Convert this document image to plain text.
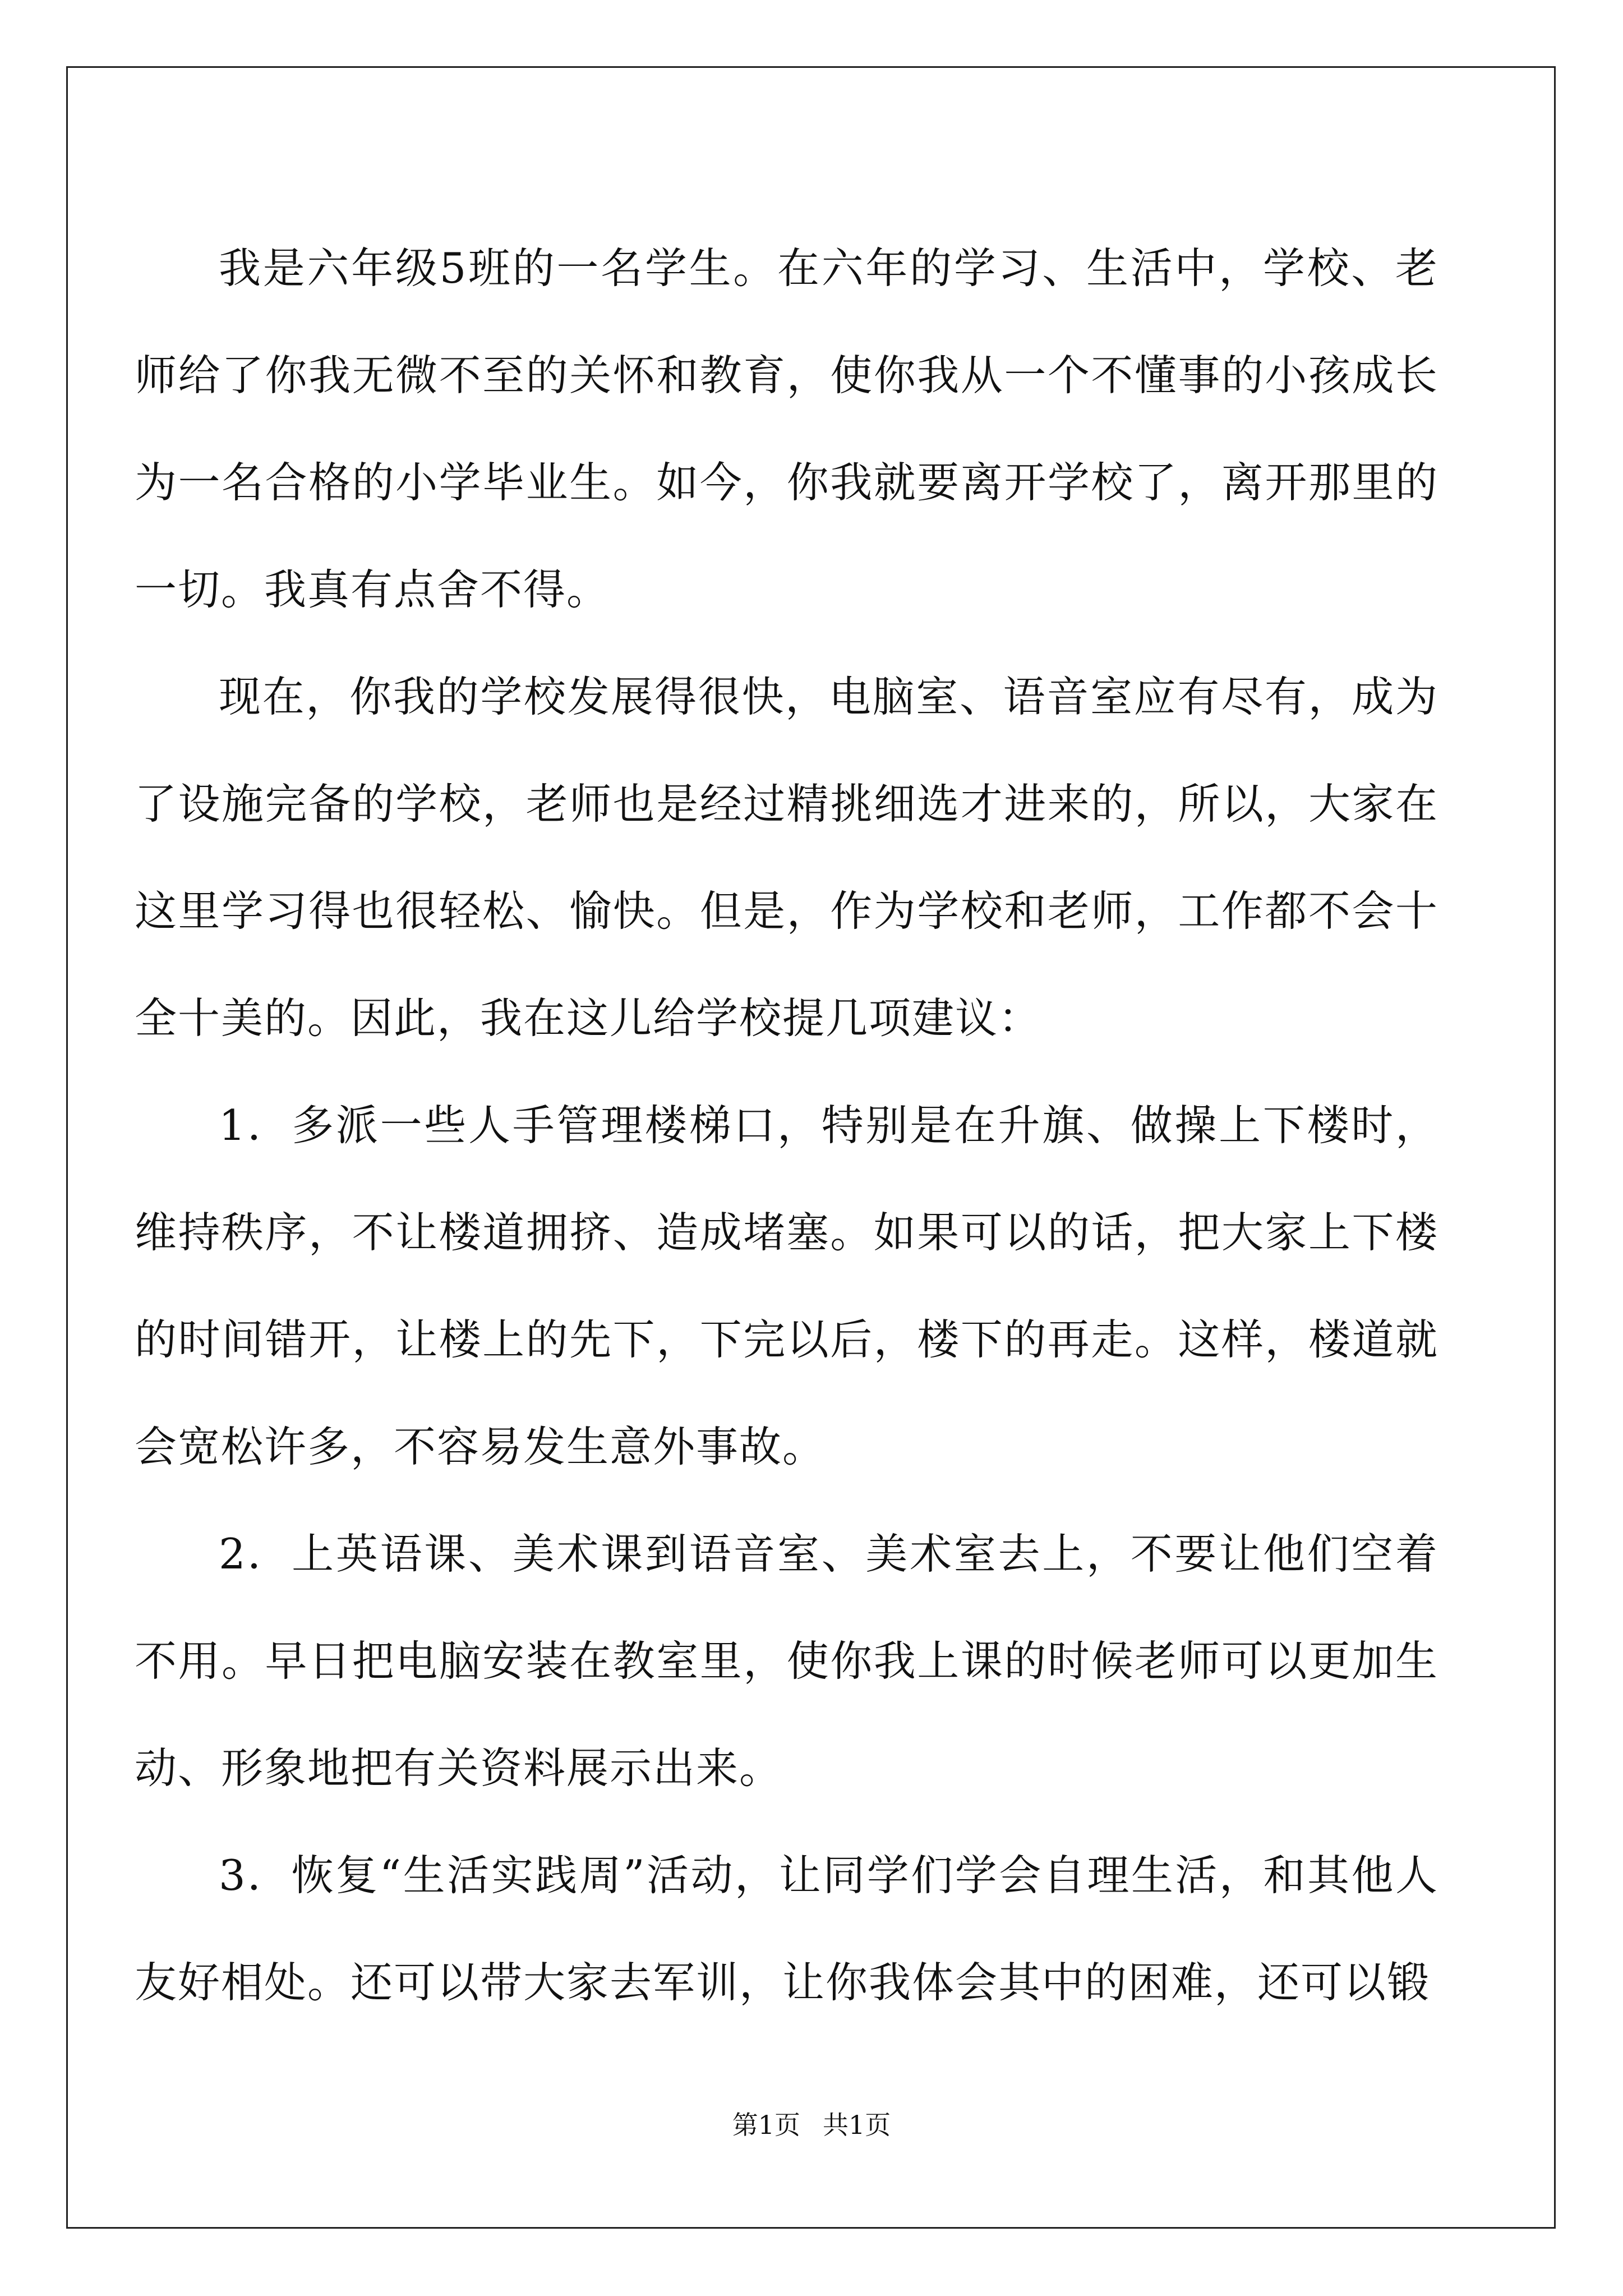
我是六年级5班的一名学生。在六年的学习、生活中，学校、老师给了你我无微不至的关怀和教育，使你我从一个不懂事的小孩成长为一名合格的小学毕业生。如今，你我就要离开学校了，离开那里的一切。我真有点舍不得。

现在，你我的学校发展得很快，电脑室、语音室应有尽有，成为了设施完备的学校，老师也是经过精挑细选才进来的，所以，大家在这里学习得也很轻松、愉快。但是，作为学校和老师，工作都不会十全十美的。因此，我在这儿给学校提几项建议：

1．多派一些人手管理楼梯口，特别是在升旗、做操上下楼时，维持秩序，不让楼道拥挤、造成堵塞。如果可以的话，把大家上下楼的时间错开，让楼上的先下，下完以后，楼下的再走。这样，楼道就会宽松许多，不容易发生意外事故。

2．上英语课、美术课到语音室、美术室去上，不要让他们空着不用。早日把电脑安装在教室里，使你我上课的时候老师可以更加生动、形象地把有关资料展示出来。

3．恢复“生活实践周”活动，让同学们学会自理生活，和其他人友好相处。还可以带大家去军训，让你我体会其中的困难，还可以锻

第1页 共1页
